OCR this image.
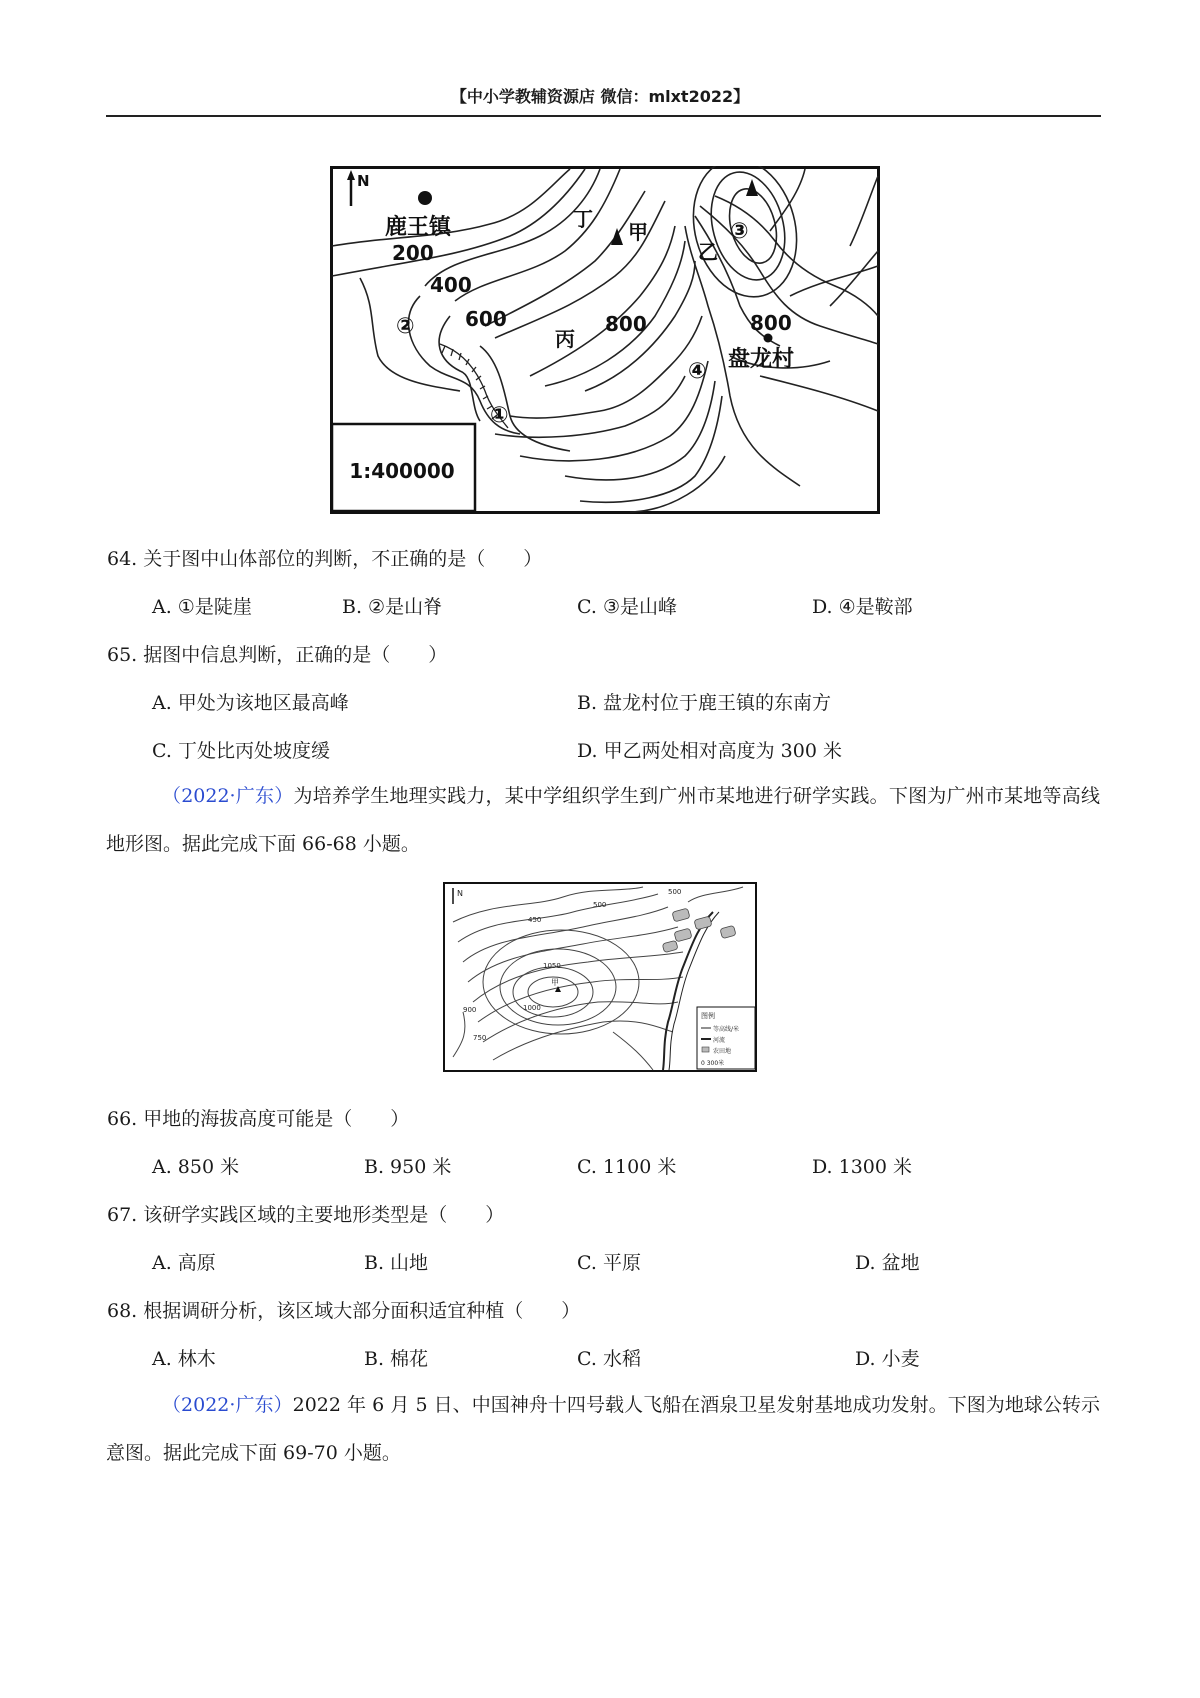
【中小学教辅资源店 微信：mlxt2022】
1:400000
N
鹿王镇
盘龙村
甲
乙
丙
丁
200
400
600	800	800
①
②
③
④
64. 关于图中山体部位的判断，不正确的是（　　）
A. ①是陡崖	B. ②是山脊	C. ③是山峰	D. ④是鞍部
65. 据图中信息判断，正确的是（　　）
A. 甲处为该地区最高峰	B. 盘龙村位于鹿王镇的东南方
C. 丁处比丙处坡度缓	D. 甲乙两处相对高度为 300 米
（2022·广东）为培养学生地理实践力，某中学组织学生到广州市某地进行研学实践。下图为广州市某地等高线地形图。据此完成下面 66-68 小题。
N
甲
450
500
1050
900
750
1000
500
图例
等高线/米
河流
农田地
0 300米
66. 甲地的海拔高度可能是（　　）
A. 850 米	B. 950 米	C. 1100 米	D. 1300 米
67. 该研学实践区域的主要地形类型是（　　）
A. 高原	B. 山地	C. 平原	D. 盆地
68. 根据调研分析，该区域大部分面积适宜种植（　　）
A. 林木	B. 棉花	C. 水稻	D. 小麦
（2022·广东）2022 年 6 月 5 日、中国神舟十四号载人飞船在酒泉卫星发射基地成功发射。下图为地球公转示意图。据此完成下面 69-70 小题。
